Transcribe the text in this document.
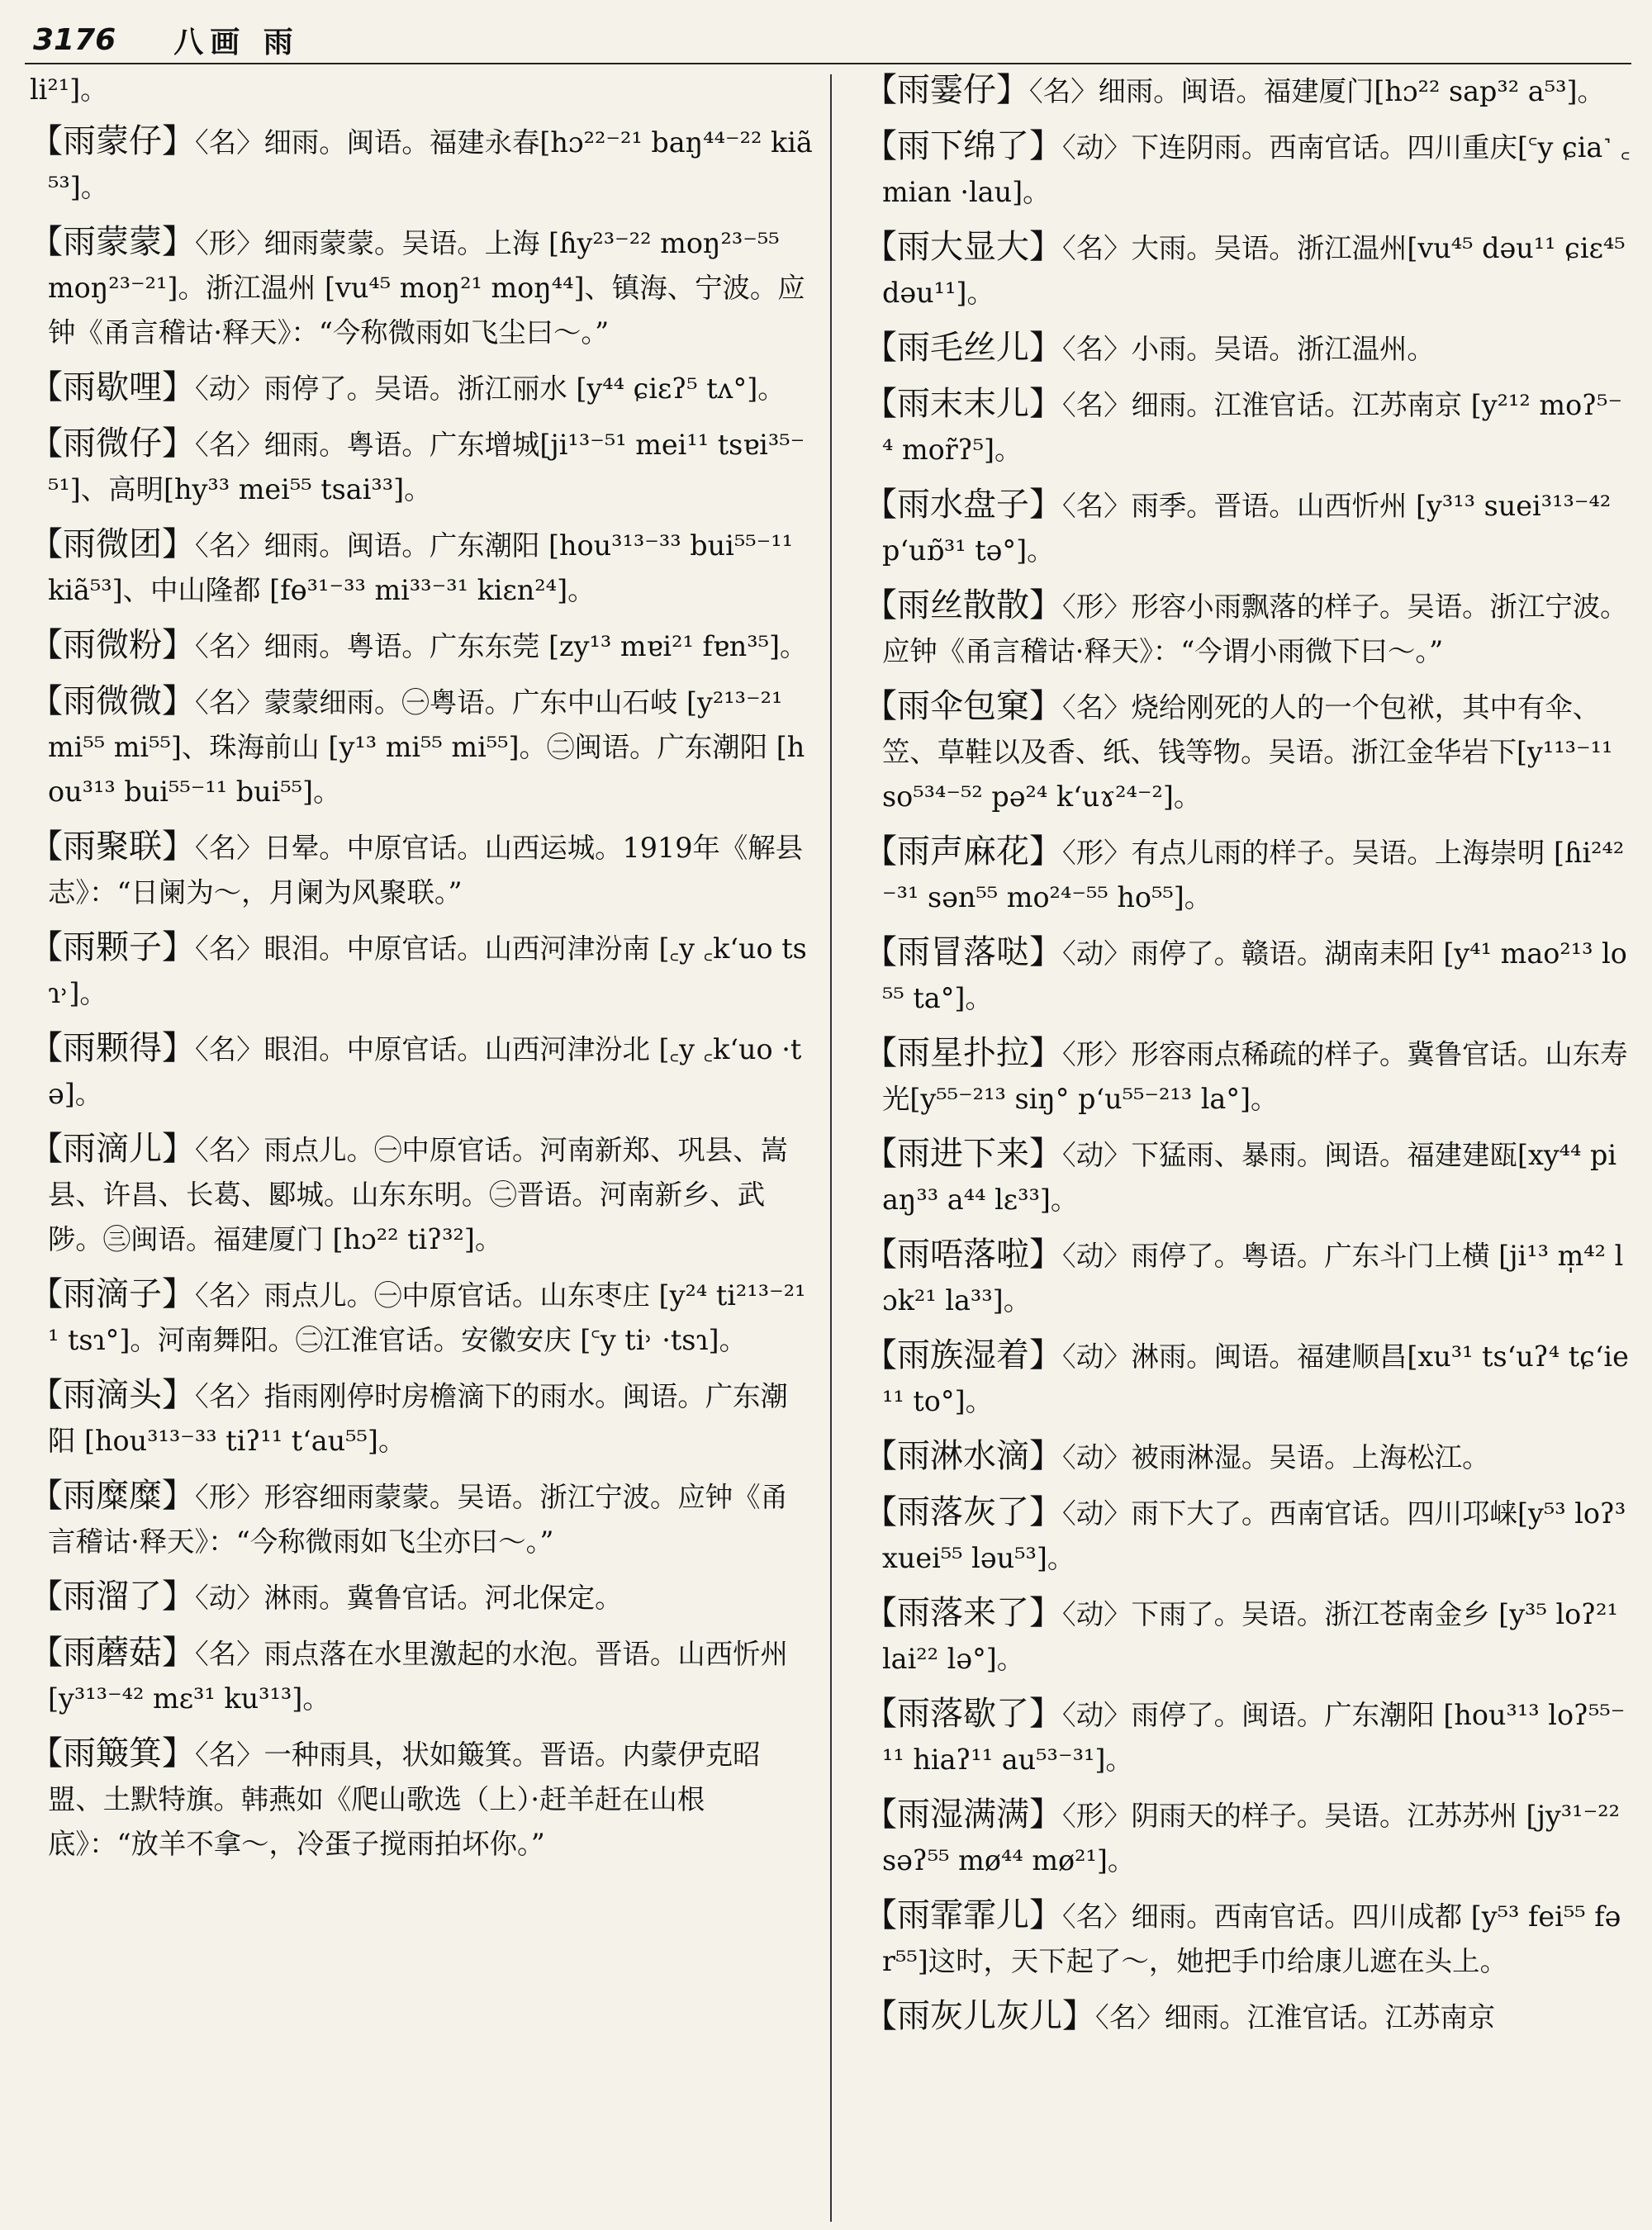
3176 八画 雨
li²¹]。
【雨蒙仔】〈名〉细雨。闽语。福建永春[hɔ²²⁻²¹ baŋ⁴⁴⁻²² kiã⁵³]。
【雨蒙蒙】〈形〉细雨蒙蒙。吴语。上海 [ɦy²³⁻²² moŋ²³⁻⁵⁵ moŋ²³⁻²¹]。浙江温州 [vu⁴⁵ moŋ²¹ moŋ⁴⁴]、镇海、宁波。应钟《甬言稽诂·释天》：“今称微雨如飞尘曰～。”
【雨歇哩】〈动〉雨停了。吴语。浙江丽水 [y⁴⁴ ɕiɛʔ⁵ tʌ°]。
【雨微仔】〈名〉细雨。粤语。广东增城[ji¹³⁻⁵¹ mei¹¹ tsɐi³⁵⁻⁵¹]、高明[hy³³ mei⁵⁵ tsai³³]。
【雨微团】〈名〉细雨。闽语。广东潮阳 [hou³¹³⁻³³ bui⁵⁵⁻¹¹ kiã⁵³]、中山隆都 [fɵ³¹⁻³³ mi³³⁻³¹ kiɛn²⁴]。
【雨微粉】〈名〉细雨。粤语。广东东莞 [zy¹³ mɐi²¹ fɐn³⁵]。
【雨微微】〈名〉蒙蒙细雨。㊀粤语。广东中山石岐 [y²¹³⁻²¹ mi⁵⁵ mi⁵⁵]、珠海前山 [y¹³ mi⁵⁵ mi⁵⁵]。㊁闽语。广东潮阳 [hou³¹³ bui⁵⁵⁻¹¹ bui⁵⁵]。
【雨聚联】〈名〉日晕。中原官话。山西运城。1919年《解县志》：“日阑为～，月阑为风聚联。”
【雨颗子】〈名〉眼泪。中原官话。山西河津汾南 [꜀y ꜀k‘uo tsɿ˒]。
【雨颗得】〈名〉眼泪。中原官话。山西河津汾北 [꜀y ꜀k‘uo ·tə]。
【雨滴儿】〈名〉雨点儿。㊀中原官话。河南新郑、巩县、嵩县、许昌、长葛、郾城。山东东明。㊁晋语。河南新乡、武陟。㊂闽语。福建厦门 [hɔ²² tiʔ³²]。
【雨滴子】〈名〉雨点儿。㊀中原官话。山东枣庄 [y²⁴ ti²¹³⁻²¹¹ tsɿ°]。河南舞阳。㊁江淮官话。安徽安庆 [꜂y ti˒ ·tsɿ]。
【雨滴头】〈名〉指雨刚停时房檐滴下的雨水。闽语。广东潮阳 [hou³¹³⁻³³ tiʔ¹¹ t‘au⁵⁵]。
【雨糜糜】〈形〉形容细雨蒙蒙。吴语。浙江宁波。应钟《甬言稽诂·释天》：“今称微雨如飞尘亦曰～。”
【雨溜了】〈动〉淋雨。冀鲁官话。河北保定。
【雨蘑菇】〈名〉雨点落在水里激起的水泡。晋语。山西忻州 [y³¹³⁻⁴² mɛ³¹ ku³¹³]。
【雨簸箕】〈名〉一种雨具，状如簸箕。晋语。内蒙伊克昭盟、土默特旗。韩燕如《爬山歌选（上）·赶羊赶在山根底》：“放羊不拿～，冷蛋子搅雨拍坏你。”
【雨霎仔】〈名〉细雨。闽语。福建厦门[hɔ²² sap³² a⁵³]。
【雨下绵了】〈动〉下连阴雨。西南官话。四川重庆[꜂y ɕia˺ ꜀mian ·lau]。
【雨大显大】〈名〉大雨。吴语。浙江温州[vu⁴⁵ dəu¹¹ ɕiɛ⁴⁵ dəu¹¹]。
【雨毛丝儿】〈名〉小雨。吴语。浙江温州。
【雨末末儿】〈名〉细雨。江淮官话。江苏南京 [y²¹² moʔ⁵⁻⁴ mor̃ʔ⁵]。
【雨水盘子】〈名〉雨季。晋语。山西忻州 [y³¹³ suei³¹³⁻⁴² p‘uɒ̃³¹ tə°]。
【雨丝散散】〈形〉形容小雨飘落的样子。吴语。浙江宁波。应钟《甬言稽诂·释天》：“今谓小雨微下曰～。”
【雨伞包窠】〈名〉烧给刚死的人的一个包袱，其中有伞、笠、草鞋以及香、纸、钱等物。吴语。浙江金华岩下[y¹¹³⁻¹¹ so⁵³⁴⁻⁵² pə²⁴ k‘uɤ²⁴⁻²]。
【雨声麻花】〈形〉有点儿雨的样子。吴语。上海崇明 [ɦi²⁴²⁻³¹ sən⁵⁵ mo²⁴⁻⁵⁵ ho⁵⁵]。
【雨冒落哒】〈动〉雨停了。赣语。湖南耒阳 [y⁴¹ mao²¹³ lo⁵⁵ ta°]。
【雨星扑拉】〈形〉形容雨点稀疏的样子。冀鲁官话。山东寿光[y⁵⁵⁻²¹³ siŋ° p‘u⁵⁵⁻²¹³ la°]。
【雨进下来】〈动〉下猛雨、暴雨。闽语。福建建瓯[xy⁴⁴ piaŋ³³ a⁴⁴ lɛ³³]。
【雨唔落啦】〈动〉雨停了。粤语。广东斗门上横 [ji¹³ m̩⁴² lɔk²¹ la³³]。
【雨族湿着】〈动〉淋雨。闽语。福建顺昌[xu³¹ ts‘uʔ⁴ tɕ‘ie¹¹ to°]。
【雨淋水滴】〈动〉被雨淋湿。吴语。上海松江。
【雨落灰了】〈动〉雨下大了。西南官话。四川邛崃[y⁵³ loʔ³ xuei⁵⁵ ləu⁵³]。
【雨落来了】〈动〉下雨了。吴语。浙江苍南金乡 [y³⁵ loʔ²¹ lai²² lə°]。
【雨落歇了】〈动〉雨停了。闽语。广东潮阳 [hou³¹³ loʔ⁵⁵⁻¹¹ hiaʔ¹¹ au⁵³⁻³¹]。
【雨湿满满】〈形〉阴雨天的样子。吴语。江苏苏州 [jy³¹⁻²² səʔ⁵⁵ mø⁴⁴ mø²¹]。
【雨霏霏儿】〈名〉细雨。西南官话。四川成都 [y⁵³ fei⁵⁵ fər⁵⁵]这时，天下起了～，她把手巾给康儿遮在头上。
【雨灰儿灰儿】〈名〉细雨。江淮官话。江苏南京
